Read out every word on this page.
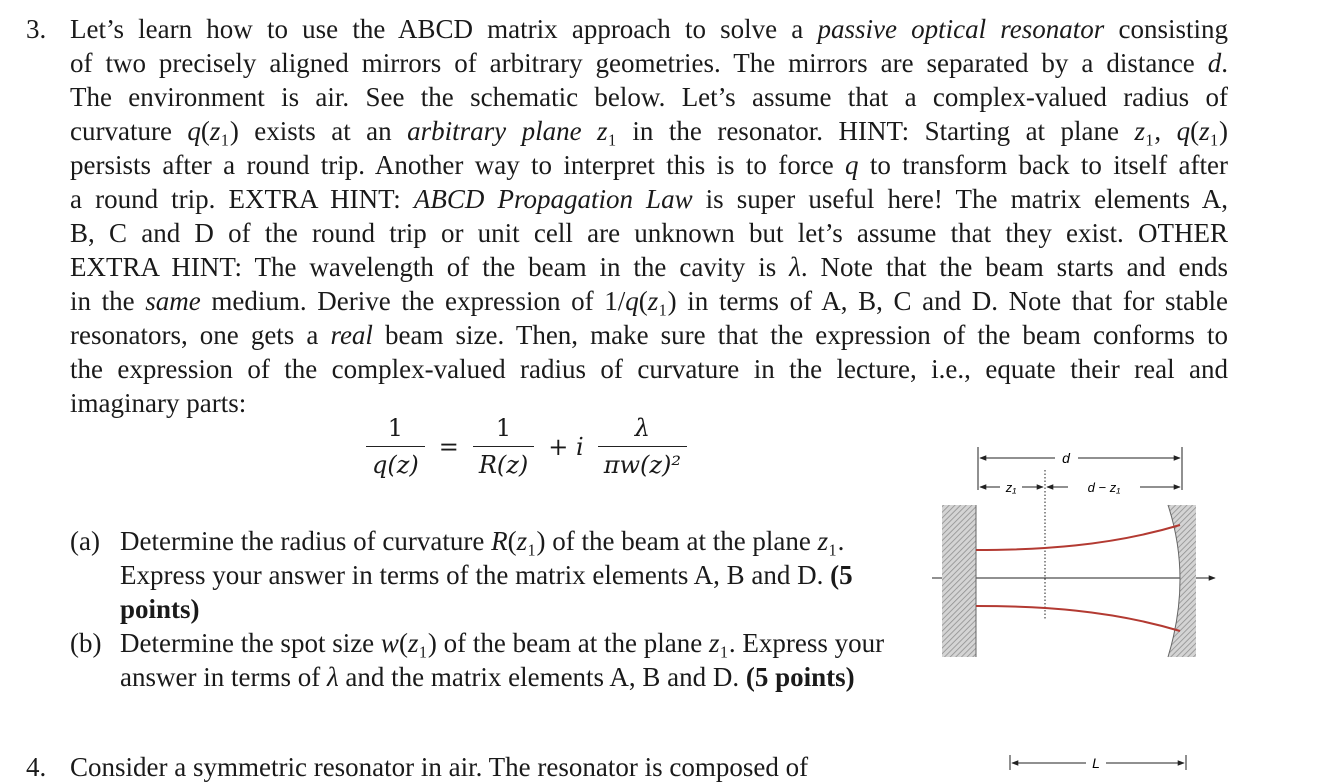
3. Let’s learn how to use the ABCD matrix approach to solve a passive optical resonator consisting
of two precisely aligned mirrors of arbitrary geometries. The mirrors are separated by a distance d.
The environment is air. See the schematic below. Let’s assume that a complex-valued radius of
curvature q(z₁) exists at an arbitrary plane z₁ in the resonator. HINT: Starting at plane z₁, q(z₁)
persists after a round trip. Another way to interpret this is to force q to transform back to itself after
a round trip. EXTRA HINT: ABCD Propagation Law is super useful here! The matrix elements A,
B, C and D of the round trip or unit cell are unknown but let’s assume that they exist. OTHER
EXTRA HINT: The wavelength of the beam in the cavity is λ. Note that the beam starts and ends
in the same medium. Derive the expression of 1/q(z₁) in terms of A, B, C and D. Note that for stable
resonators, one gets a real beam size. Then, make sure that the expression of the beam conforms to
the expression of the complex-valued radius of curvature in the lecture, i.e., equate their real and
imaginary parts:

$\frac{1}{q(z)} = \frac{1}{R(z)} + i \frac{\lambda}{\text{πw(z)²}}$
(a) Determine the radius of curvature R(z₁) of the beam at the plane z₁. Express your answer in terms of the matrix elements A, B and D. (5 points)
(b) Determine the spot size w(z₁) of the beam at the plane z₁. Express your answer in terms of λ and the matrix elements A, B and D. (5 points)
d
z₁	d − z₁
L
4. Consider a symmetric resonator in air. The resonator is composed of
